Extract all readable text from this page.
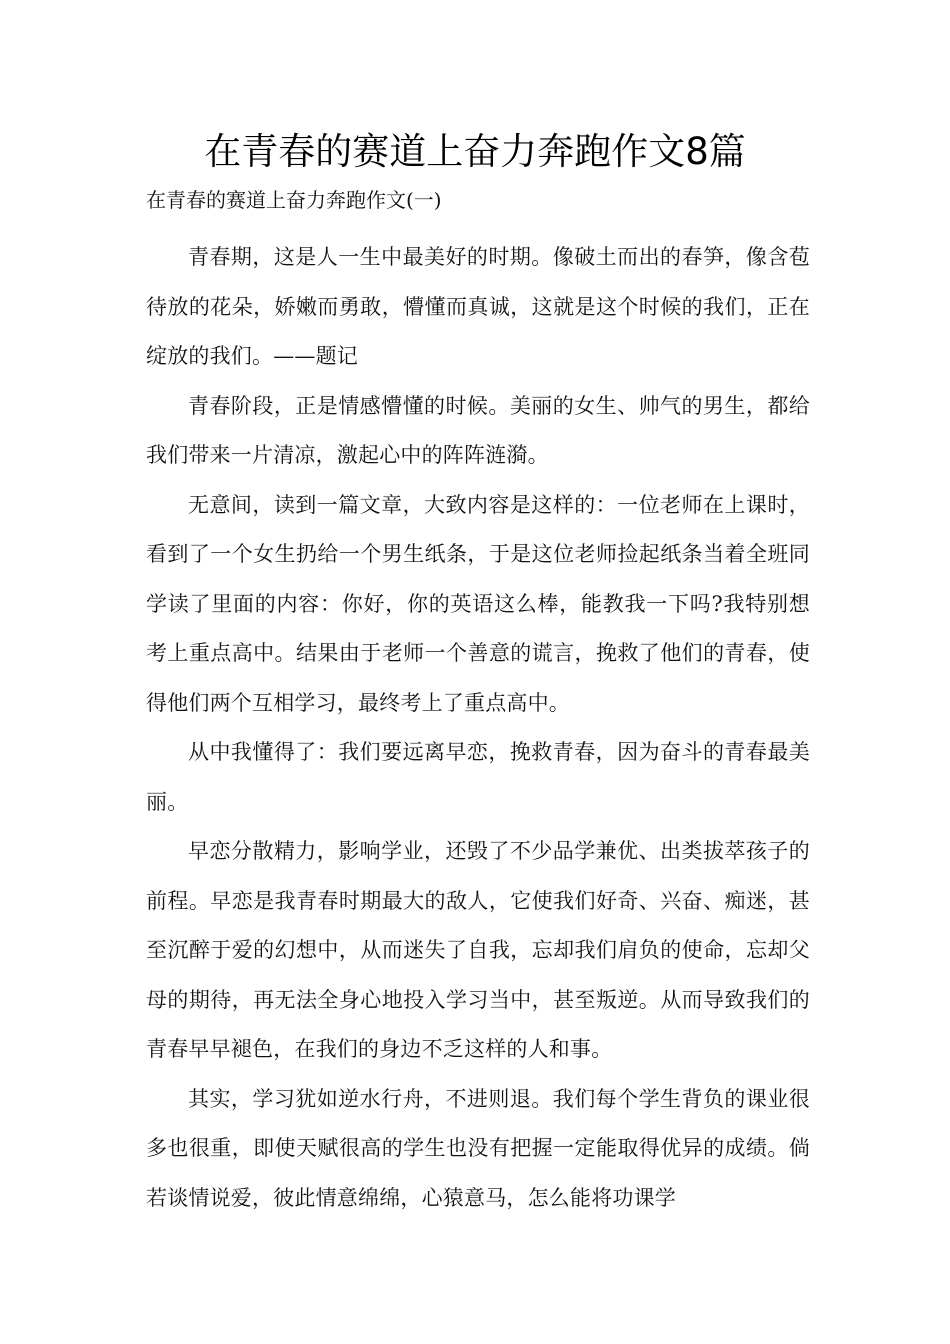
在青春的赛道上奋力奔跑作文8篇

在青春的赛道上奋力奔跑作文(一)

青春期，这是人一生中最美好的时期。像破土而出的春笋，像含苞待放的花朵，娇嫩而勇敢，懵懂而真诚，这就是这个时候的我们，正在绽放的我们。——题记

青春阶段，正是情感懵懂的时候。美丽的女生、帅气的男生，都给我们带来一片清凉，激起心中的阵阵涟漪。

无意间，读到一篇文章，大致内容是这样的：一位老师在上课时，看到了一个女生扔给一个男生纸条，于是这位老师捡起纸条当着全班同学读了里面的内容：你好，你的英语这么棒，能教我一下吗?我特别想考上重点高中。结果由于老师一个善意的谎言，挽救了他们的青春，使得他们两个互相学习，最终考上了重点高中。

从中我懂得了：我们要远离早恋，挽救青春，因为奋斗的青春最美丽。

早恋分散精力，影响学业，还毁了不少品学兼优、出类拔萃孩子的前程。早恋是我青春时期最大的敌人，它使我们好奇、兴奋、痴迷，甚至沉醉于爱的幻想中，从而迷失了自我，忘却我们肩负的使命，忘却父母的期待，再无法全身心地投入学习当中，甚至叛逆。从而导致我们的青春早早褪色，在我们的身边不乏这样的人和事。

其实，学习犹如逆水行舟，不进则退。我们每个学生背负的课业很多也很重，即使天赋很高的学生也没有把握一定能取得优异的成绩。倘若谈情说爱，彼此情意绵绵，心猿意马，怎么能将功课学
